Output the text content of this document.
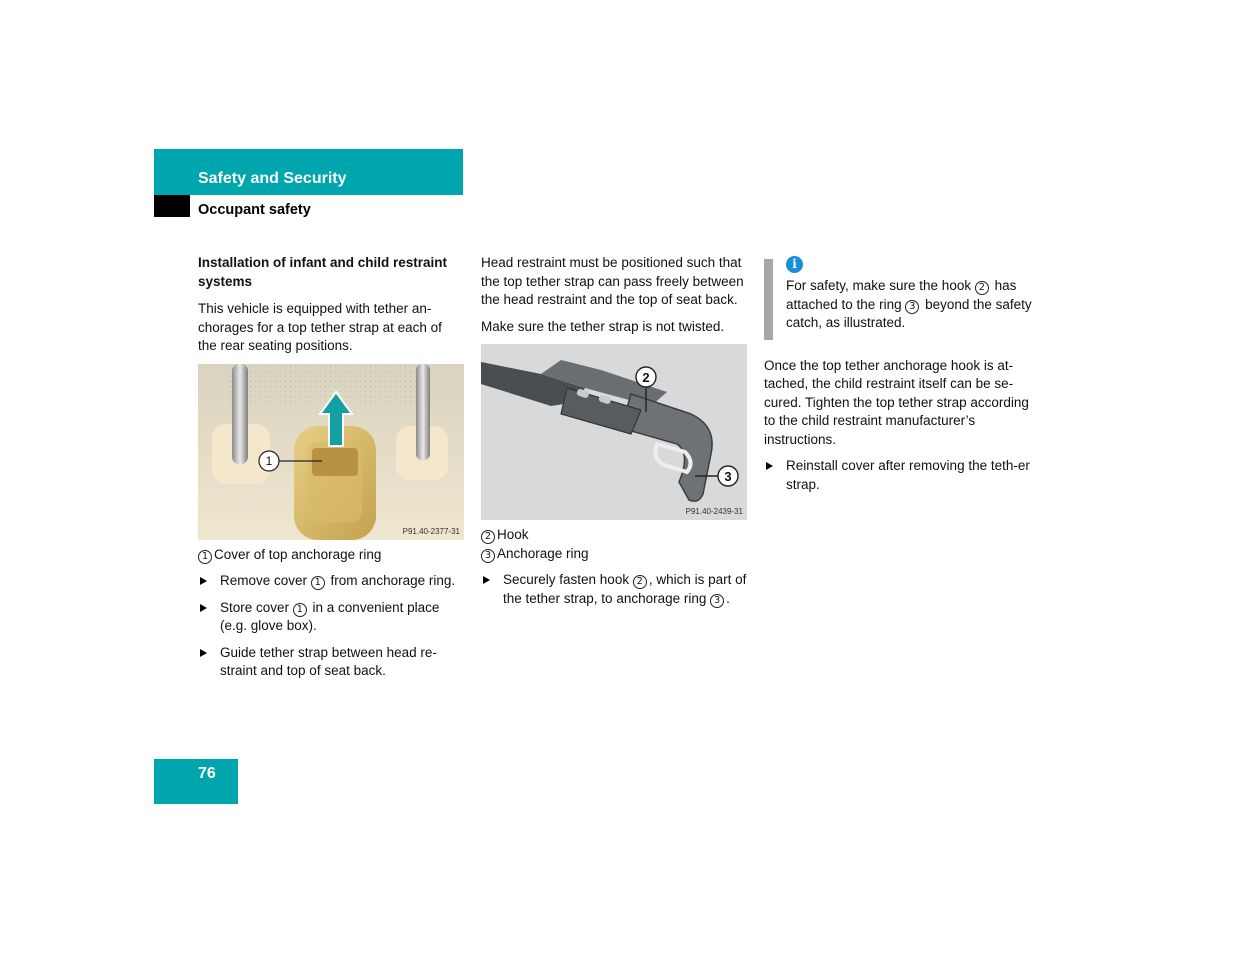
Safety and Security
Occupant safety

Installation of infant and child restraint systems

This vehicle is equipped with tether an-chorages for a top tether strap at each of the rear seating positions.

1
P91.40-2377-31

1 Cover of top anchorage ring

Remove cover 1 from anchorage ring.
Store cover 1 in a convenient place (e.g. glove box).
Guide tether strap between head re-straint and top of seat back.

Head restraint must be positioned such that the top tether strap can pass freely between the head restraint and the top of seat back.

Make sure the tether strap is not twisted.

2
3
P91.40-2439-31

2 Hook

3 Anchorage ring

Securely fasten hook 2 , which is part of the tether strap, to anchorage ring 3 .
i

For safety, make sure the hook 2 has attached to the ring 3 beyond the safety catch, as illustrated.

Once the top tether anchorage hook is at-tached, the child restraint itself can be se-cured. Tighten the top tether strap according to the child restraint manufacturer’s instructions.

Reinstall cover after removing the teth-er strap.
76
